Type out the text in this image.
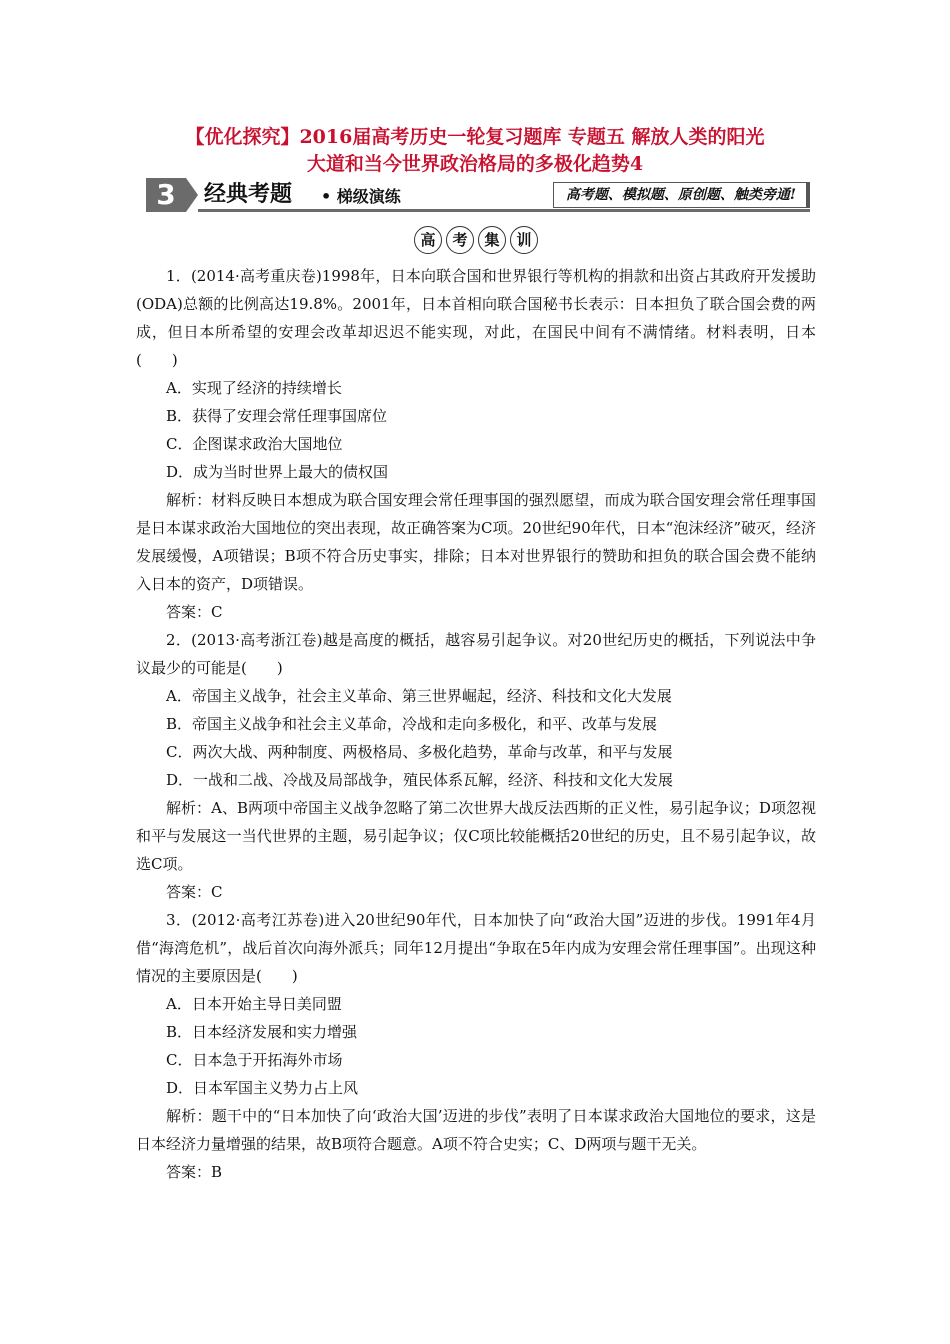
【优化探究】2016届高考历史一轮复习题库 专题五 解放人类的阳光
大道和当今世界政治格局的多极化趋势4
3	经典考题 • 梯级演练	高考题、模拟题、原创题、触类旁通!
高	考	集	训

1．(2014·高考重庆卷)1998年，日本向联合国和世界银行等机构的捐款和出资占其政府开发援助(ODA)总额的比例高达19.8%。2001年，日本首相向联合国秘书长表示：日本担负了联合国会费的两成，但日本所希望的安理会改革却迟迟不能实现，对此，在国民中间有不满情绪。材料表明，日本(　　)

A．实现了经济的持续增长

B．获得了安理会常任理事国席位

C．企图谋求政治大国地位

D．成为当时世界上最大的债权国

解析：材料反映日本想成为联合国安理会常任理事国的强烈愿望，而成为联合国安理会常任理事国是日本谋求政治大国地位的突出表现，故正确答案为C项。20世纪90年代，日本“泡沫经济”破灭，经济发展缓慢，A项错误；B项不符合历史事实，排除；日本对世界银行的赞助和担负的联合国会费不能纳入日本的资产，D项错误。

答案：C

2．(2013·高考浙江卷)越是高度的概括，越容易引起争议。对20世纪历史的概括，下列说法中争议最少的可能是(　　)

A．帝国主义战争，社会主义革命、第三世界崛起，经济、科技和文化大发展

B．帝国主义战争和社会主义革命，冷战和走向多极化，和平、改革与发展

C．两次大战、两种制度、两极格局、多极化趋势，革命与改革，和平与发展

D．一战和二战、冷战及局部战争，殖民体系瓦解，经济、科技和文化大发展

解析：A、B两项中帝国主义战争忽略了第二次世界大战反法西斯的正义性，易引起争议；D项忽视和平与发展这一当代世界的主题，易引起争议；仅C项比较能概括20世纪的历史，且不易引起争议，故选C项。

答案：C

3．(2012·高考江苏卷)进入20世纪90年代，日本加快了向“政治大国”迈进的步伐。1991年4月借“海湾危机”，战后首次向海外派兵；同年12月提出“争取在5年内成为安理会常任理事国”。出现这种情况的主要原因是(　　)

A．日本开始主导日美同盟

B．日本经济发展和实力增强

C．日本急于开拓海外市场

D．日本军国主义势力占上风

解析：题干中的“日本加快了向‘政治大国’迈进的步伐”表明了日本谋求政治大国地位的要求，这是日本经济力量增强的结果，故B项符合题意。A项不符合史实；C、D两项与题干无关。

答案：B
